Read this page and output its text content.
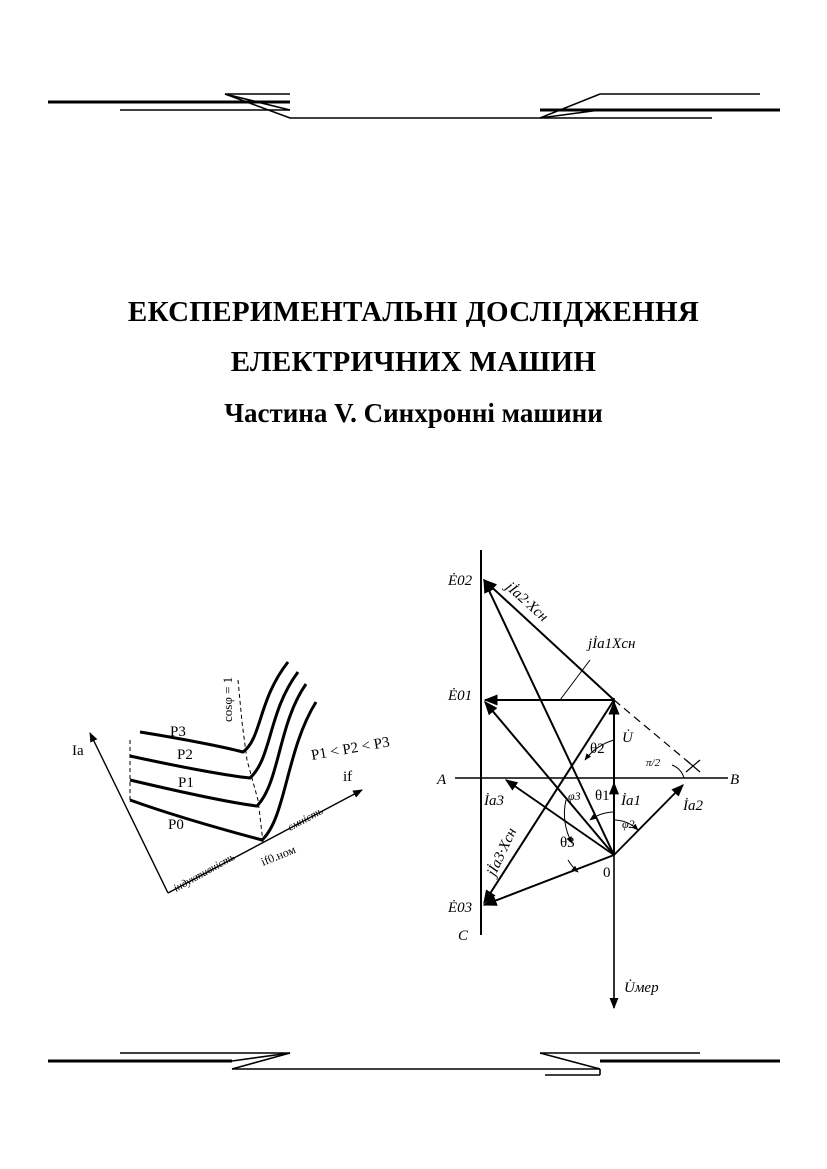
ЕКСПЕРИМЕНТАЛЬНІ ДОСЛІДЖЕННЯ
ЕЛЕКТРИЧНИХ МАШИН
Частина V. Синхронні машини
Ia
if
cosφ = 1
P3
P2
P1
P0
P1 < P2 < P3
індуктивність
ємність
if0.ном
Ė02
Ė01
Ė03
jİa2·Xсн
jİa1Xсн
jİa3·Xсн
U̇
U̇мер
A	B
C
0
İa1	İa2
İa3	θ1
θ2
θ3
φ2
φ3
π/2
